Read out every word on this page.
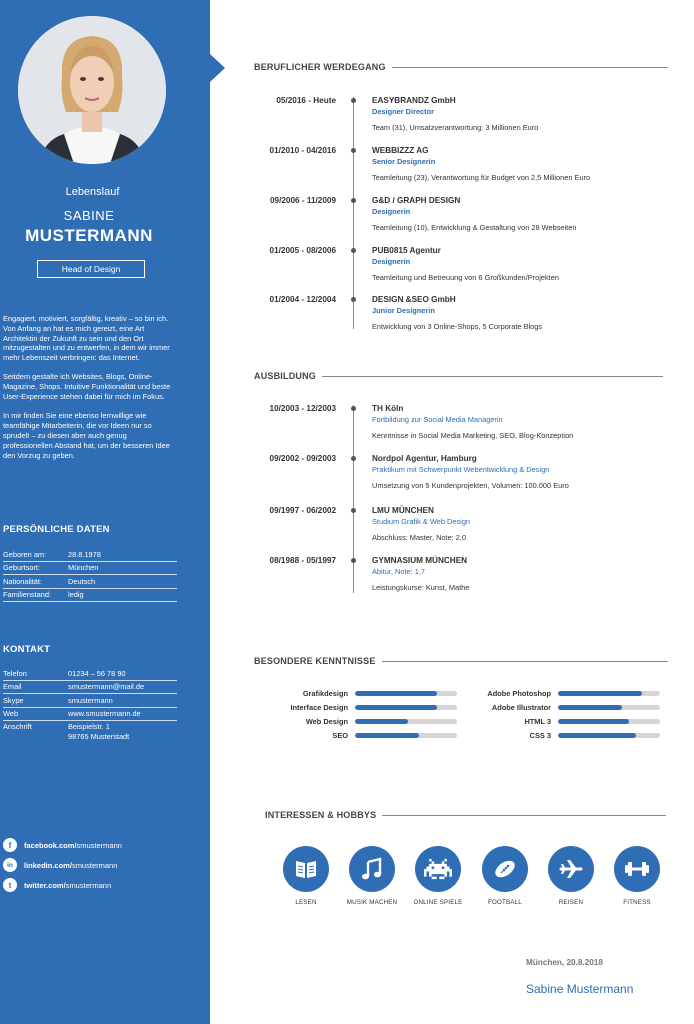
Lebenslauf
SABINE
MUSTERMANN
Head of Design

Engagiert, motiviert, sorgfältig, kreativ – so bin ich. Von Anfang an hat es mich gereizt, eine Art Architektin der Zukunft zu sein und den Ort mitzugestalten und zu entwerfen, in dem wir immer mehr Lebenszeit verbringen: das Internet.

Seitdem gestalte ich Websites, Blogs, Online-Magazine, Shops. Intuitive Funktionalität und beste User-Experience stehen dabei für mich im Fokus.

In mir finden Sie eine ebenso lernwillige wie teamfähige Mitarbeiterin, die vor Ideen nur so sprudelt – zu diesen aber auch genug professionellen Abstand hat, um der besseren Idee den Vorzug zu geben.

PERSÖNLICHE DATEN
Geboren am:	28.8.1978
Geburtsort:	München
Nationalität:	Deutsch
Familienstand:	ledig
KONTAKT
Telefon	01234 – 56 78 90
Email	smustermann@mail.de
Skype	smustermann
Web	www.smustermann.de
Anschrift	Beispielstr. 1
98765 Musterstadt
f	facebook.com/ smustermann
in	linkedin.com/ smustermann
t	twitter.com/ smustermann
BERUFLICHER WERDEGANG
05/2016 - Heute	EASYBRANDZ GmbH
Designer Director
Team (31), Umsatzverantwortung: 3 Millionen Euro
01/2010 - 04/2016	WEBBIZZZ AG
Senior Designerin
Teamleitung (23), Verantwortung für Budget von 2,5 Millionen Euro
09/2006 - 11/2009	G&D / GRAPH DESIGN
Designerin
Teamleitung (10), Entwicklung & Gestaltung von 28 Webseiten
01/2005 - 08/2006	PUB0815 Agentur
Designerin
Teamleitung und Betreuung von 6 Großkunden/Projekten
01/2004 - 12/2004	DESIGN &SEO GmbH
Junior Designerin
Entwicklung von 3 Online-Shops, 5 Corporate Blogs
AUSBILDUNG
10/2003 - 12/2003	TH Köln
Fortbildung zur Social Media Managerin
Kenntnisse in Social Media Marketing, SEO, Blog-Konzeption
09/2002 - 09/2003	Nordpol Agentur, Hamburg
Praktikum mit Schwerpunkt Webentwicklung & Design
Umsetzung von 5 Kundenprojekten, Volumen: 100.000 Euro
09/1997 - 06/2002	LMU MÜNCHEN
Studium Grafik & Web Design
Abschluss: Master, Note: 2,0
08/1988 - 05/1997	GYMNASIUM MÜNCHEN
Abitur, Note: 1,7
Leistungskurse: Kunst, Mathe
BESONDERE KENNTNISSE
Grafikdesign
Interface Design
Web Design
SEO
Adobe Photoshop
Adobe Illustrator
HTML 3
CSS 3
INTERESSEN & HOBBYS
LESEN	MUSIK MACHEN	ONLINE SPIELE	FOOTBALL	REISEN	FITNESS
München, 20.8.2018
Sabine Mustermann
